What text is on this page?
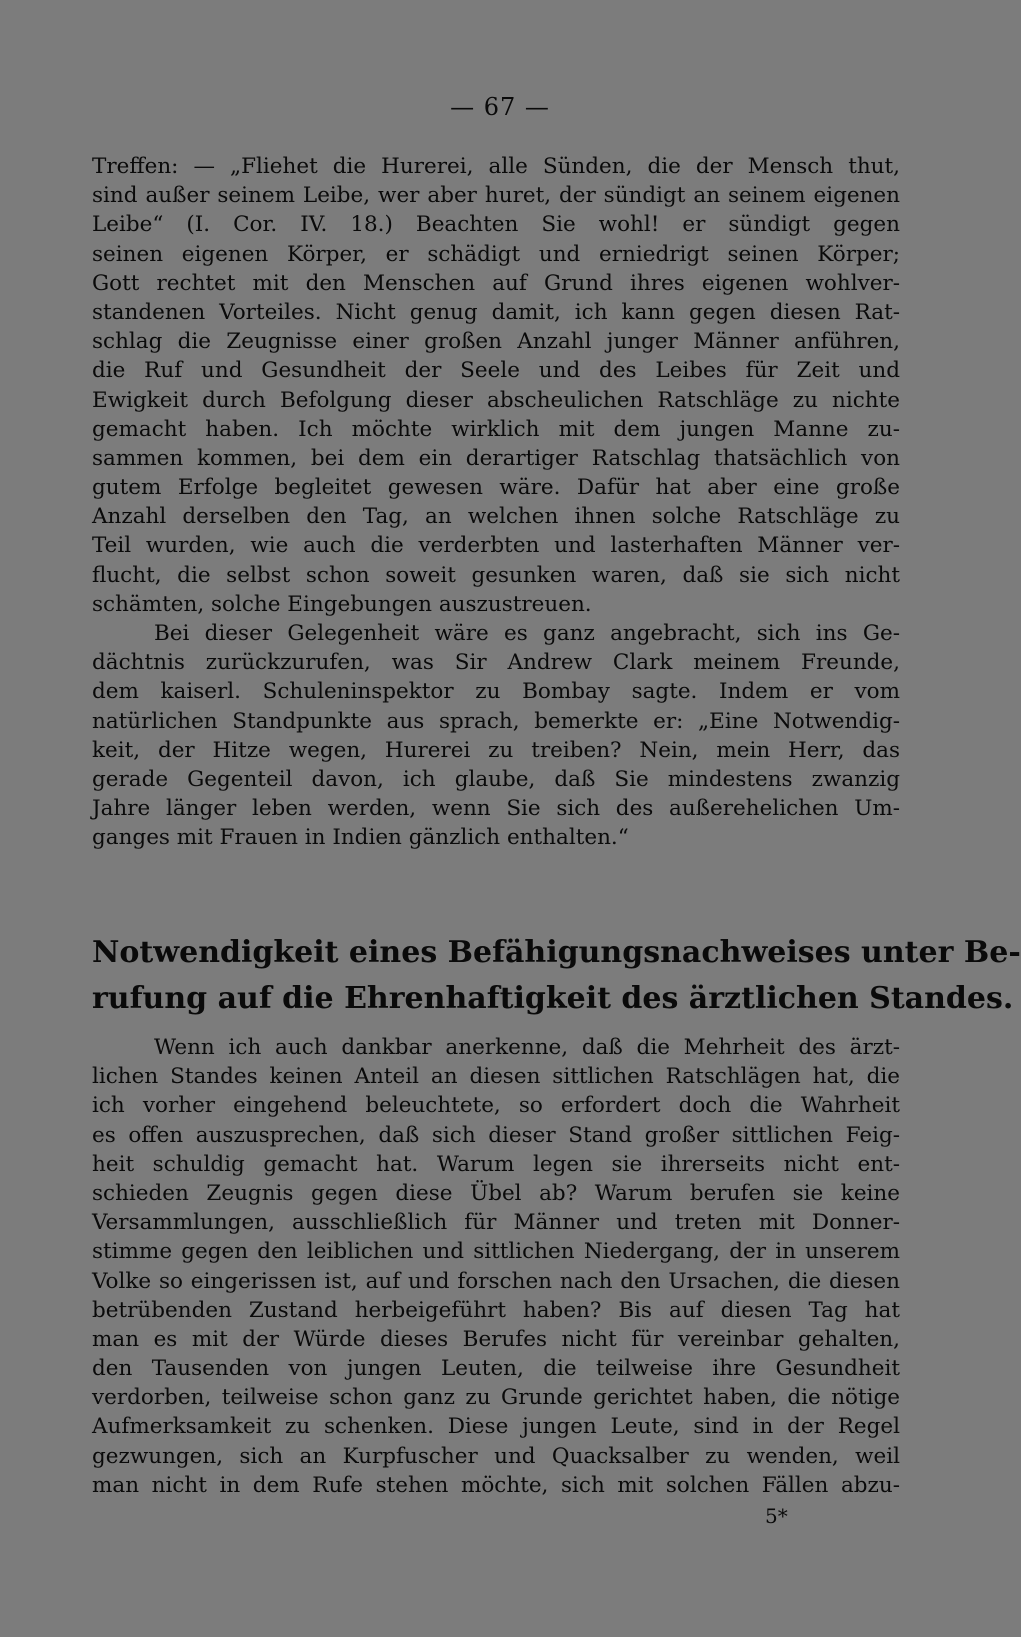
— 67 —
Treffen: — „Fliehet die Hurerei, alle Sünden, die der Mensch thut,
sind außer seinem Leibe, wer aber huret, der sündigt an seinem eigenen
Leibe“ (I. Cor. IV. 18.) Beachten Sie wohl! er sündigt gegen
seinen eigenen Körper, er schädigt und erniedrigt seinen Körper;
Gott rechtet mit den Menschen auf Grund ihres eigenen wohlver-
standenen Vorteiles. Nicht genug damit, ich kann gegen diesen Rat-
schlag die Zeugnisse einer großen Anzahl junger Männer anführen,
die Ruf und Gesundheit der Seele und des Leibes für Zeit und
Ewigkeit durch Befolgung dieser abscheulichen Ratschläge zu nichte
gemacht haben. Ich möchte wirklich mit dem jungen Manne zu-
sammen kommen, bei dem ein derartiger Ratschlag thatsächlich von
gutem Erfolge begleitet gewesen wäre. Dafür hat aber eine große
Anzahl derselben den Tag, an welchen ihnen solche Ratschläge zu
Teil wurden, wie auch die verderbten und lasterhaften Männer ver-
flucht, die selbst schon soweit gesunken waren, daß sie sich nicht
schämten, solche Eingebungen auszustreuen.
Bei dieser Gelegenheit wäre es ganz angebracht, sich ins Ge-
dächtnis zurückzurufen, was Sir Andrew Clark meinem Freunde,
dem kaiserl. Schuleninspektor zu Bombay sagte. Indem er vom
natürlichen Standpunkte aus sprach, bemerkte er: „Eine Notwendig-
keit, der Hitze wegen, Hurerei zu treiben? Nein, mein Herr, das
gerade Gegenteil davon, ich glaube, daß Sie mindestens zwanzig
Jahre länger leben werden, wenn Sie sich des außerehelichen Um-
ganges mit Frauen in Indien gänzlich enthalten.“
Notwendigkeit eines Befähigungsnachweises unter Be-
rufung auf die Ehrenhaftigkeit des ärztlichen Standes.
Wenn ich auch dankbar anerkenne, daß die Mehrheit des ärzt-
lichen Standes keinen Anteil an diesen sittlichen Ratschlägen hat, die
ich vorher eingehend beleuchtete, so erfordert doch die Wahrheit
es offen auszusprechen, daß sich dieser Stand großer sittlichen Feig-
heit schuldig gemacht hat. Warum legen sie ihrerseits nicht ent-
schieden Zeugnis gegen diese Übel ab? Warum berufen sie keine
Versammlungen, ausschließlich für Männer und treten mit Donner-
stimme gegen den leiblichen und sittlichen Niedergang, der in unserem
Volke so eingerissen ist, auf und forschen nach den Ursachen, die diesen
betrübenden Zustand herbeigeführt haben? Bis auf diesen Tag hat
man es mit der Würde dieses Berufes nicht für vereinbar gehalten,
den Tausenden von jungen Leuten, die teilweise ihre Gesundheit
verdorben, teilweise schon ganz zu Grunde gerichtet haben, die nötige
Aufmerksamkeit zu schenken. Diese jungen Leute, sind in der Regel
gezwungen, sich an Kurpfuscher und Quacksalber zu wenden, weil
man nicht in dem Rufe stehen möchte, sich mit solchen Fällen abzu-
5*
